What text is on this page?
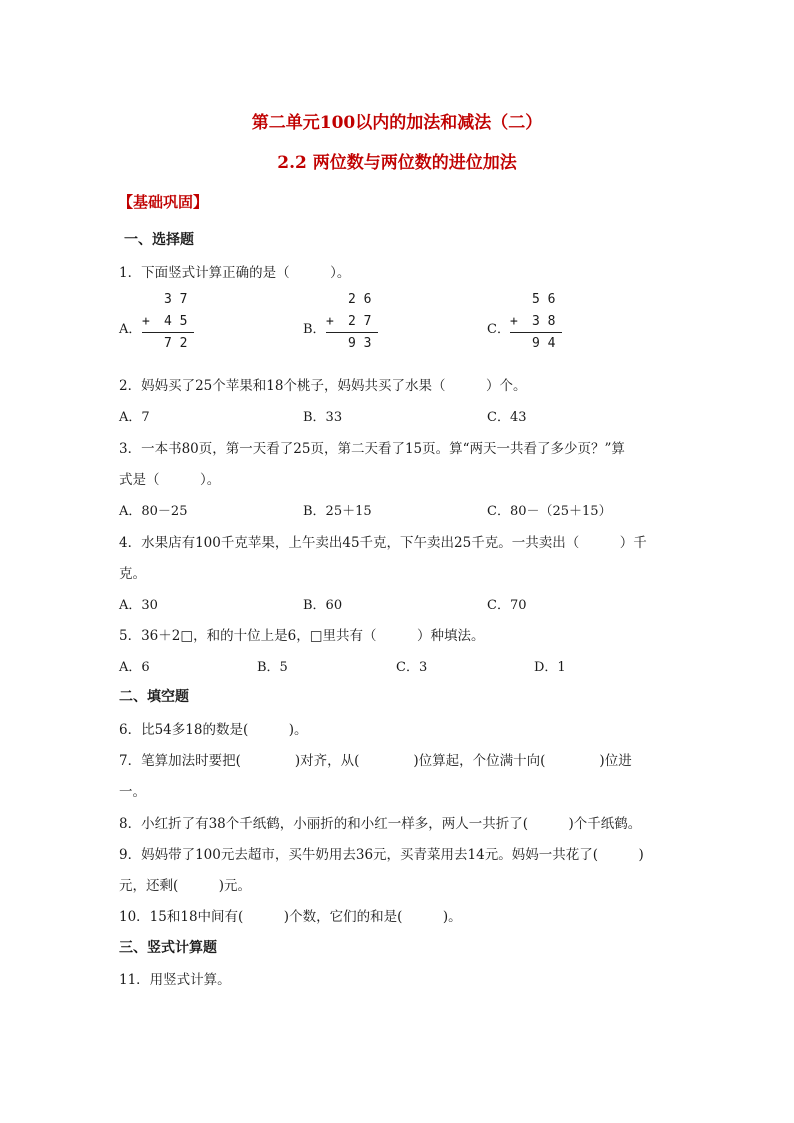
第二单元100以内的加法和减法（二）
2.2 两位数与两位数的进位加法
【基础巩固】
一、选择题
1．下面竖式计算正确的是（　　　）。
A．
3 7
+ 4 5
7 2
B．
2 6
+ 2 7
9 3
C．
5 6
+ 3 8
9 4
2．妈妈买了25个苹果和18个桃子，妈妈共买了水果（　　　）个。
A．7	B．33	C．43
3．一本书80页，第一天看了25页，第二天看了15页。算“两天一共看了多少页？”算
式是（　　　）。
A．80－25	B．25＋15	C．80－（25＋15）
4．水果店有100千克苹果，上午卖出45千克，下午卖出25千克。一共卖出（　　　）千
克。
A．30	B．60	C．70
5．36＋2□，和的十位上是6，□里共有（　　　）种填法。
A．6	B．5	C．3	D．1
二、填空题
6．比54多18的数是(　　　)。
7．笔算加法时要把(　　　　)对齐，从(　　　　)位算起，个位满十向(　　　　)位进
一。
8．小红折了有38个千纸鹤，小丽折的和小红一样多，两人一共折了(　　　)个千纸鹤。
9．妈妈带了100元去超市，买牛奶用去36元，买青菜用去14元。妈妈一共花了(　　　)
元，还剩(　　　)元。
10．15和18中间有(　　　)个数，它们的和是(　　　)。
三、竖式计算题
11．用竖式计算。
